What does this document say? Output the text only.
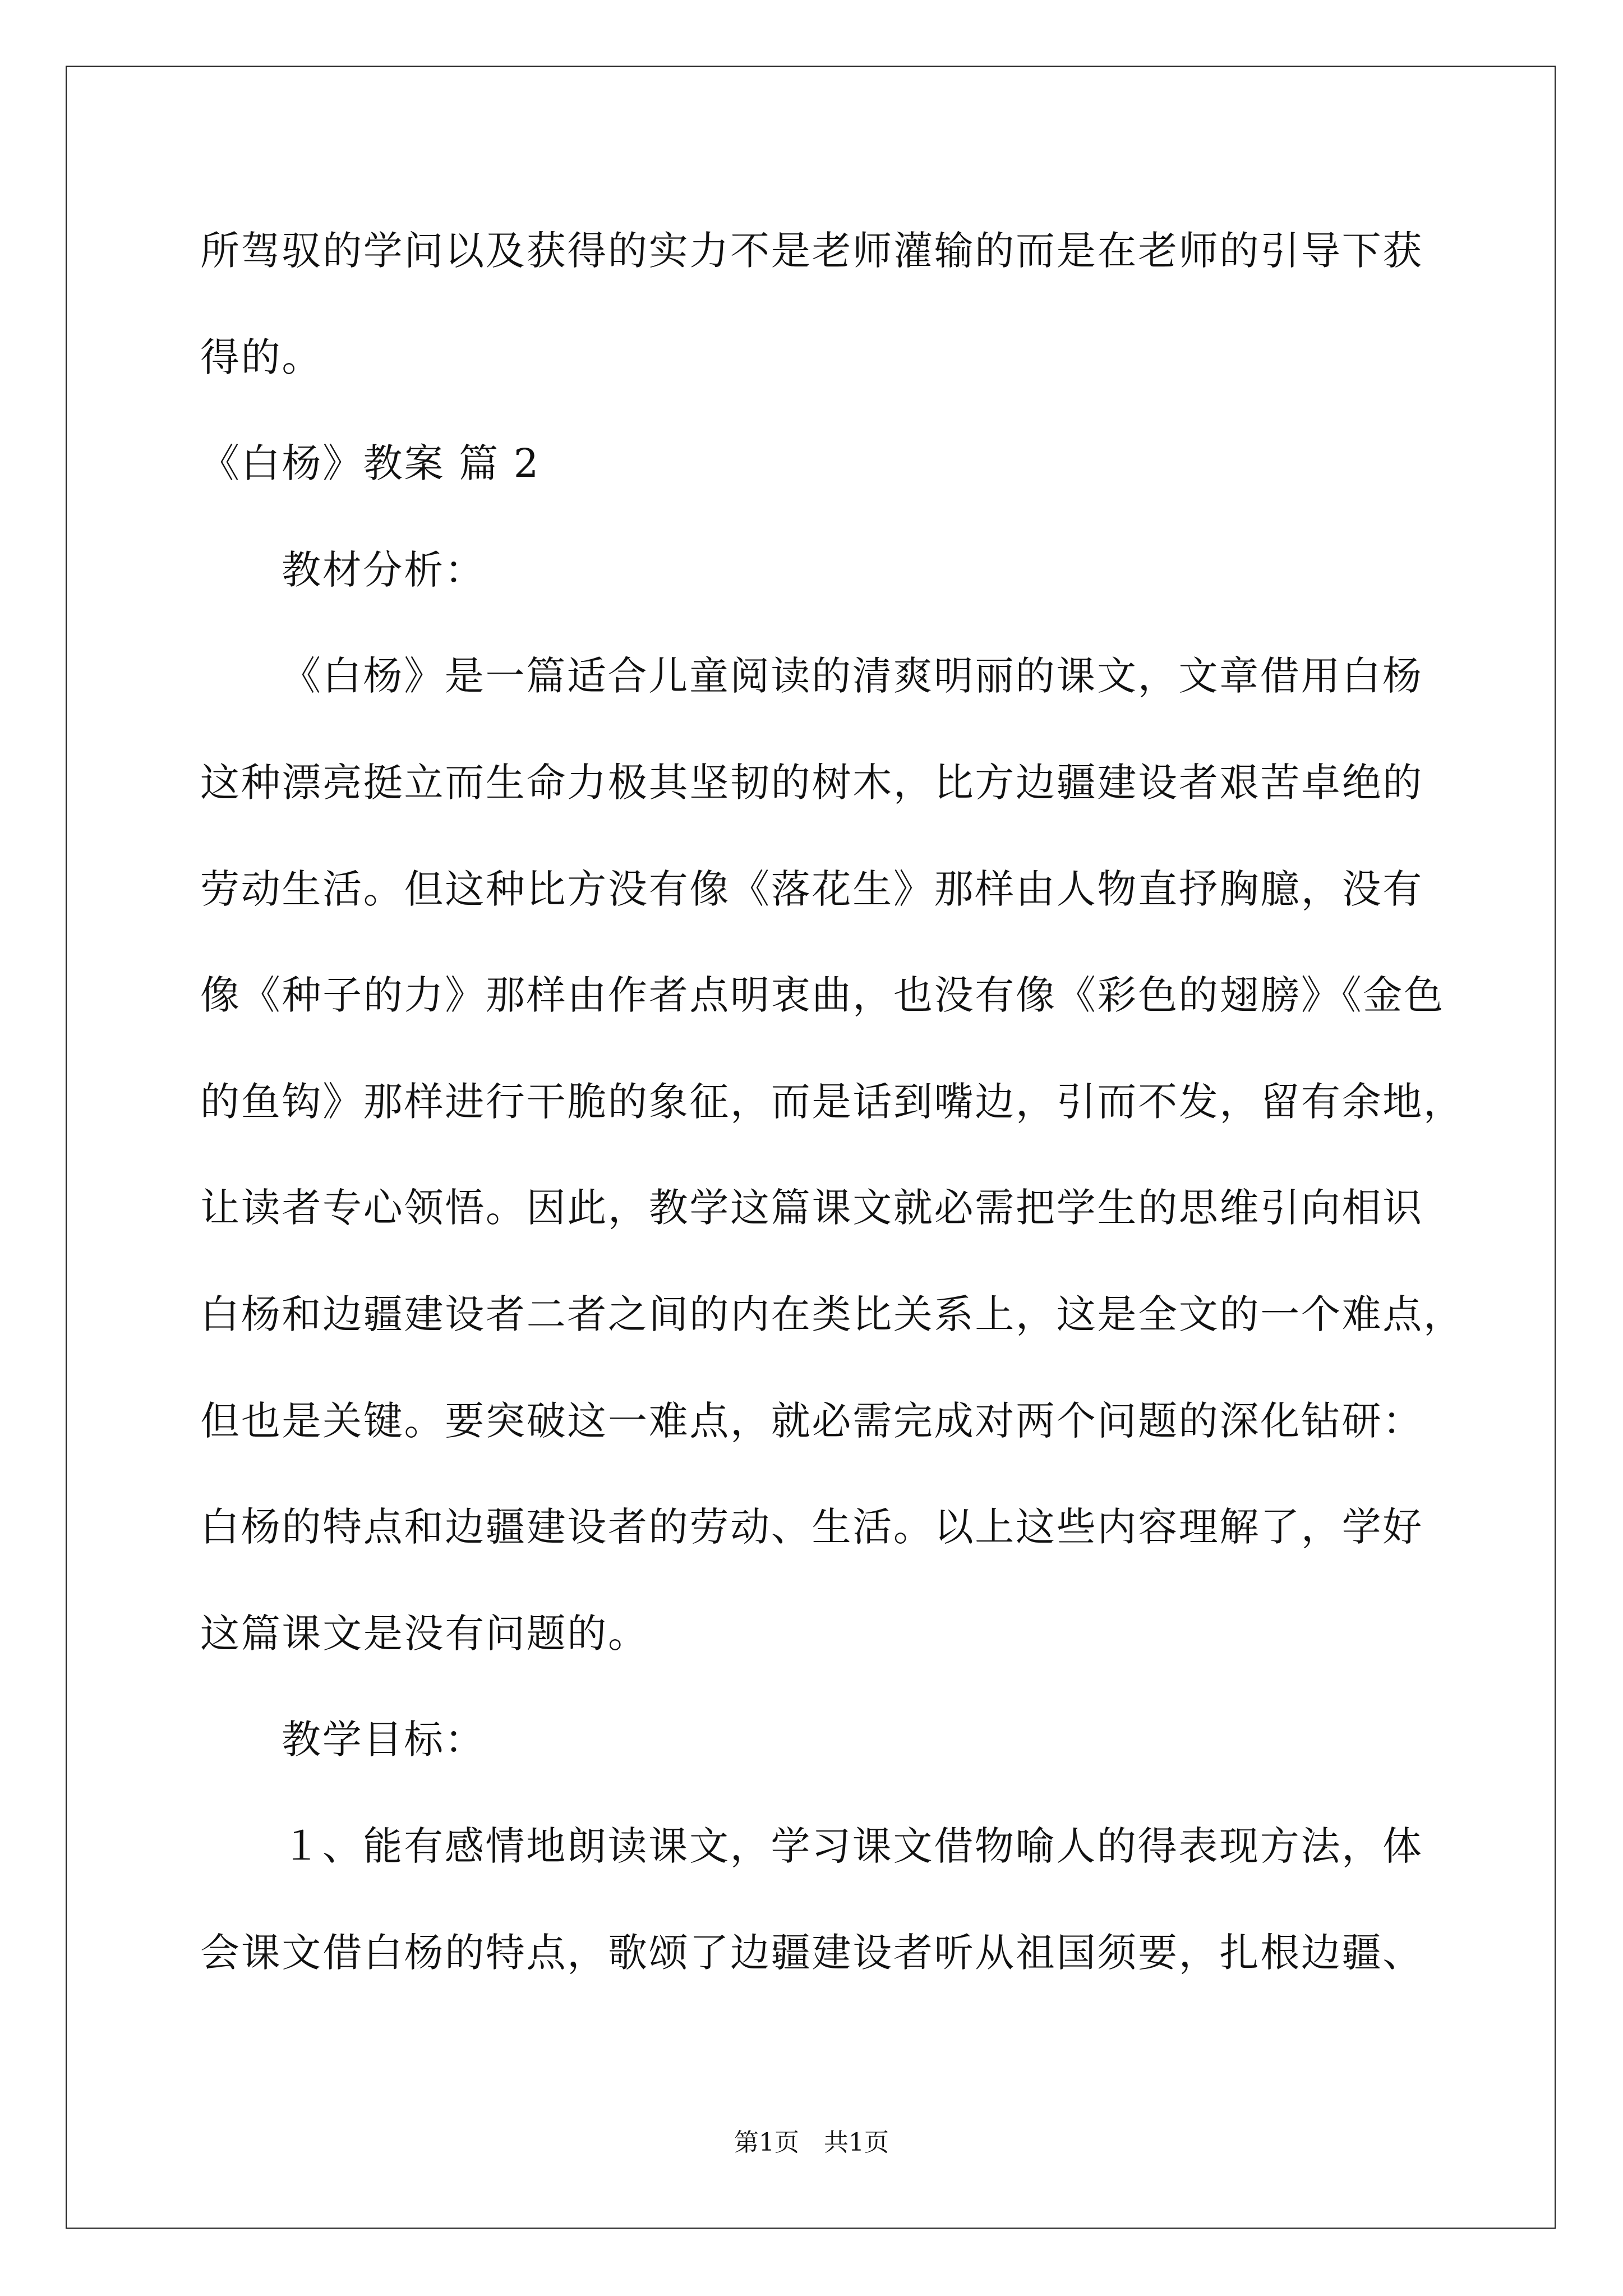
所驾驭的学问以及获得的实力不是老师灌输的而是在老师的引导下获
得的。
《白杨》教案 篇 2
教材分析：
《白杨》是一篇适合儿童阅读的清爽明丽的课文，文章借用白杨
这种漂亮挺立而生命力极其坚韧的树木，比方边疆建设者艰苦卓绝的
劳动生活。但这种比方没有像《落花生》那样由人物直抒胸臆，没有
像《种子的力》那样由作者点明衷曲，也没有像《彩色的翅膀》《金色
的鱼钩》那样进行干脆的象征，而是话到嘴边，引而不发，留有余地，
让读者专心领悟。因此，教学这篇课文就必需把学生的思维引向相识
白杨和边疆建设者二者之间的内在类比关系上，这是全文的一个难点，
但也是关键。要突破这一难点，就必需完成对两个问题的深化钻研：
白杨的特点和边疆建设者的劳动、生活。以上这些内容理解了，学好
这篇课文是没有问题的。
教学目标：
１、能有感情地朗读课文，学习课文借物喻人的得表现方法，体
会课文借白杨的特点，歌颂了边疆建设者听从祖国须要，扎根边疆、
第1页　共1页
